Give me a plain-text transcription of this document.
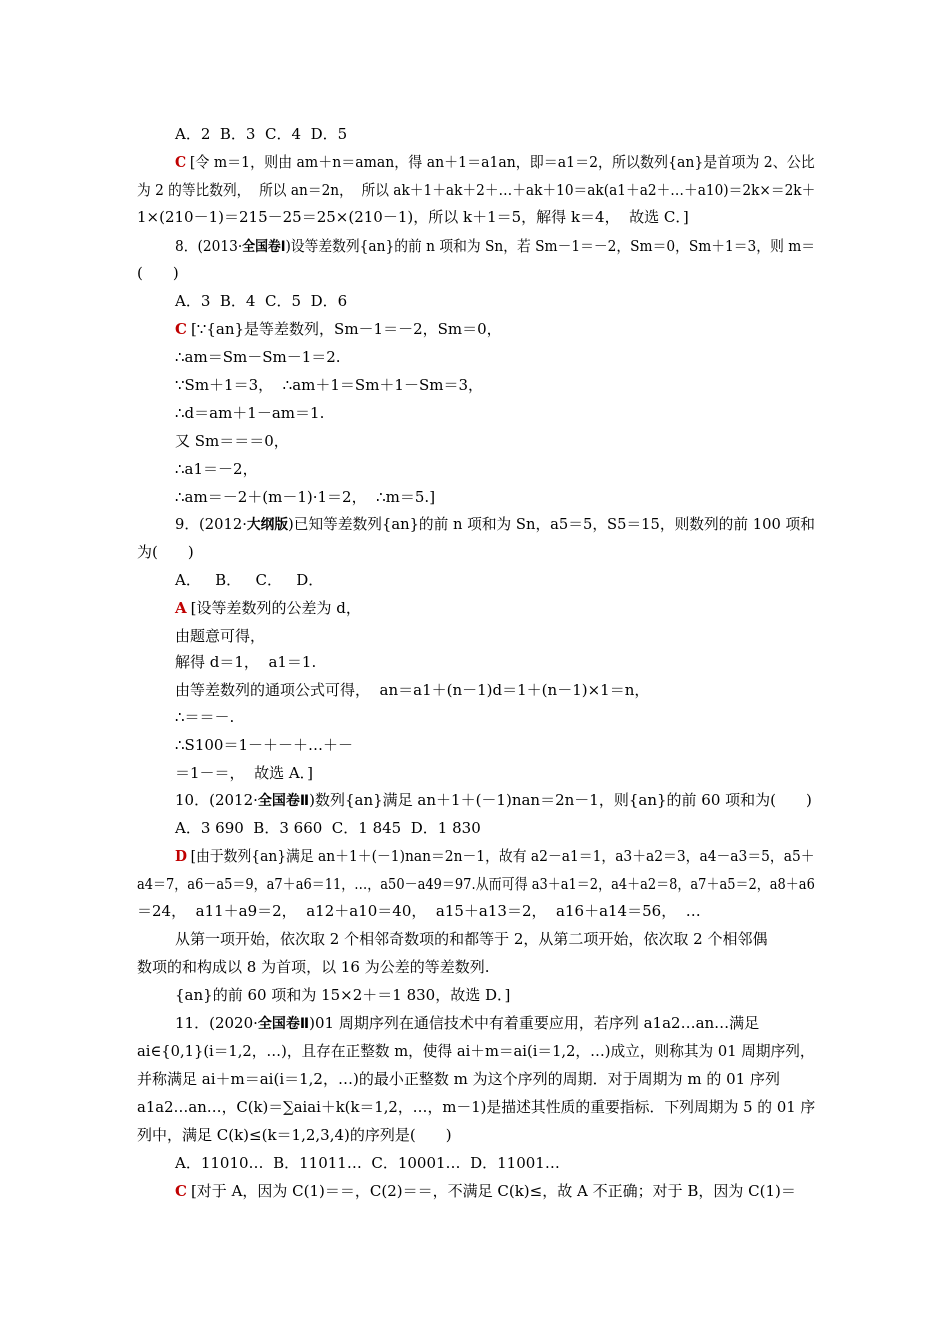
A．2  B．3  C．4  D．5
C [令 m＝1，则由 am＋n＝aman，得 an＋1＝a1an，即＝a1＝2，所以数列{an}是首项为 2、公比
为 2 的等比数列，  所以 an＝2n，  所以 ak＋1＋ak＋2＋…＋ak＋10＝ak(a1＋a2＋…＋a10)＝2k×＝2k＋
1×(210－1)＝215－25＝25×(210－1)，所以 k＋1＝5，解得 k＝4，  故选 C．]
8．(2013·全国卷Ⅰ)设等差数列{an}的前 n 项和为 Sn，若 Sm－1＝－2，Sm＝0，Sm＋1＝3，则 m＝
(　　)
A．3  B．4  C．5  D．6
C [∵{an}是等差数列，Sm－1＝－2，Sm＝0，
∴am＝Sm－Sm－1＝2.
∵Sm＋1＝3，  ∴am＋1＝Sm＋1－Sm＝3，
∴d＝am＋1－am＝1.
又 Sm＝＝＝0，
∴a1＝－2，
∴am＝－2＋(m－1)·1＝2，  ∴m＝5.]
9．(2012·大纲版)已知等差数列{an}的前 n 项和为 Sn，a5＝5，S5＝15，则数列的前 100 项和
为(　　)
A．   B．   C．   D．
A [设等差数列的公差为 d，
由题意可得，
解得 d＝1，  a1＝1.
由等差数列的通项公式可得，  an＝a1＋(n－1)d＝1＋(n－1)×1＝n，
∴＝＝－.
∴S100＝1－＋－＋…＋－
＝1－＝，  故选 A．]
10．(2012·全国卷Ⅱ)数列{an}满足 an＋1＋(－1)nan＝2n－1，则{an}的前 60 项和为(　　)
A．3 690  B．3 660  C．1 845  D．1 830
D [由于数列{an}满足 an＋1＋(－1)nan＝2n－1，故有 a2－a1＝1，a3＋a2＝3，a4－a3＝5，a5＋
a4＝7，a6－a5＝9，a7＋a6＝11，…，a50－a49＝97.从而可得 a3＋a1＝2，a4＋a2＝8，a7＋a5＝2，a8＋a6
＝24，  a11＋a9＝2，  a12＋a10＝40，  a15＋a13＝2，  a16＋a14＝56，  …
从第一项开始，依次取 2 个相邻奇数项的和都等于 2，从第二项开始，依次取 2 个相邻偶
数项的和构成以 8 为首项，以 16 为公差的等差数列.
{an}的前 60 项和为 15×2＋＝1 830，故选 D．]
11．(2020·全国卷Ⅱ)01 周期序列在通信技术中有着重要应用，若序列 a1a2…an…满足
ai∈{0,1}(i＝1,2，…)，且存在正整数 m，使得 ai＋m＝ai(i＝1,2，…)成立，则称其为 01 周期序列，
并称满足 ai＋m＝ai(i＝1,2，…)的最小正整数 m 为这个序列的周期．对于周期为 m 的 01 序列
a1a2…an…，C(k)＝∑aiai＋k(k＝1,2，…，m－1)是描述其性质的重要指标．下列周期为 5 的 01 序
列中，满足 C(k)≤(k＝1,2,3,4)的序列是(　　)
A．11010…  B．11011…  C．10001…  D．11001…
C [对于 A，因为 C(1)＝＝，C(2)＝＝，不满足 C(k)≤，故 A 不正确；对于 B，因为 C(1)＝
